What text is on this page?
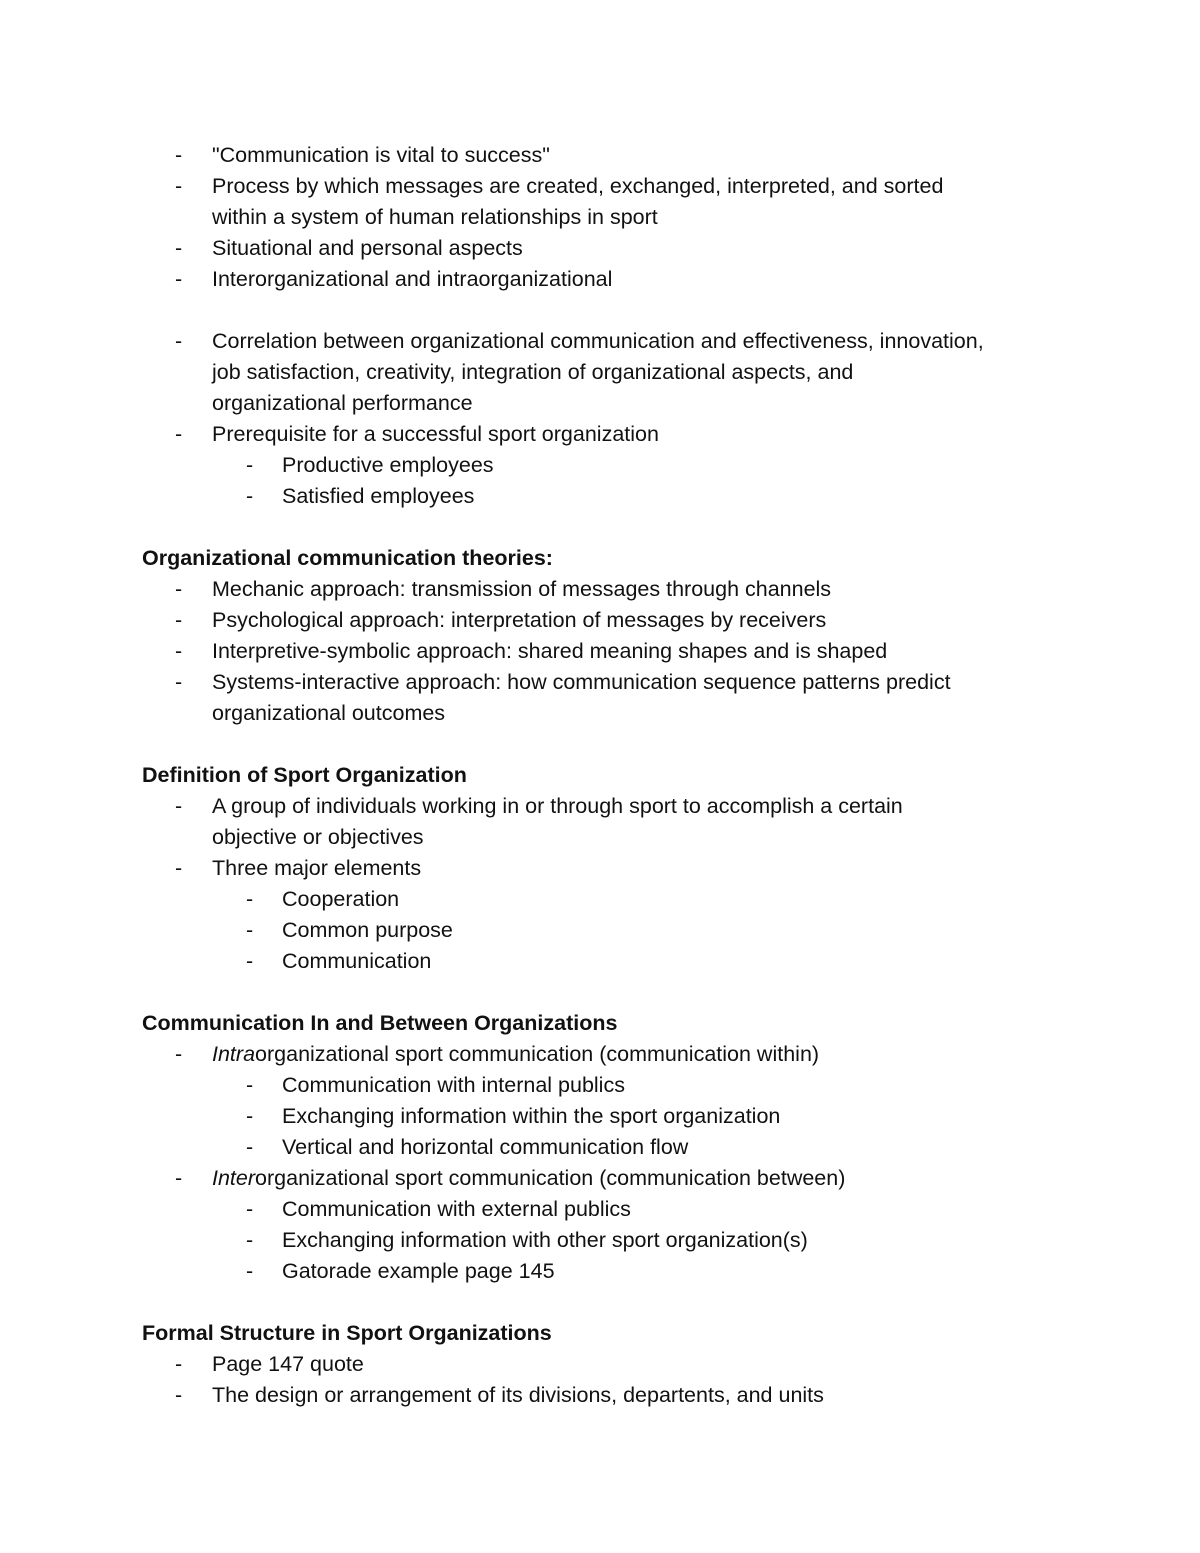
- "Communication is vital to success"
- Process by which messages are created, exchanged, interpreted, and sorted
within a system of human relationships in sport
- Situational and personal aspects
- Interorganizational and intraorganizational
- Correlation between organizational communication and effectiveness, innovation,
job satisfaction, creativity, integration of organizational aspects, and
organizational performance
- Prerequisite for a successful sport organization
- Productive employees
- Satisfied employees
Organizational communication theories:
- Mechanic approach: transmission of messages through channels
- Psychological approach: interpretation of messages by receivers
- Interpretive-symbolic approach: shared meaning shapes and is shaped
- Systems-interactive approach: how communication sequence patterns predict
organizational outcomes
Definition of Sport Organization
- A group of individuals working in or through sport to accomplish a certain
objective or objectives
- Three major elements
- Cooperation
- Common purpose
- Communication
Communication In and Between Organizations
- Intraorganizational sport communication (communication within)
- Communication with internal publics
- Exchanging information within the sport organization
- Vertical and horizontal communication flow
- Interorganizational sport communication (communication between)
- Communication with external publics
- Exchanging information with other sport organization(s)
- Gatorade example page 145
Formal Structure in Sport Organizations
- Page 147 quote
- The design or arrangement of its divisions, departents, and units
